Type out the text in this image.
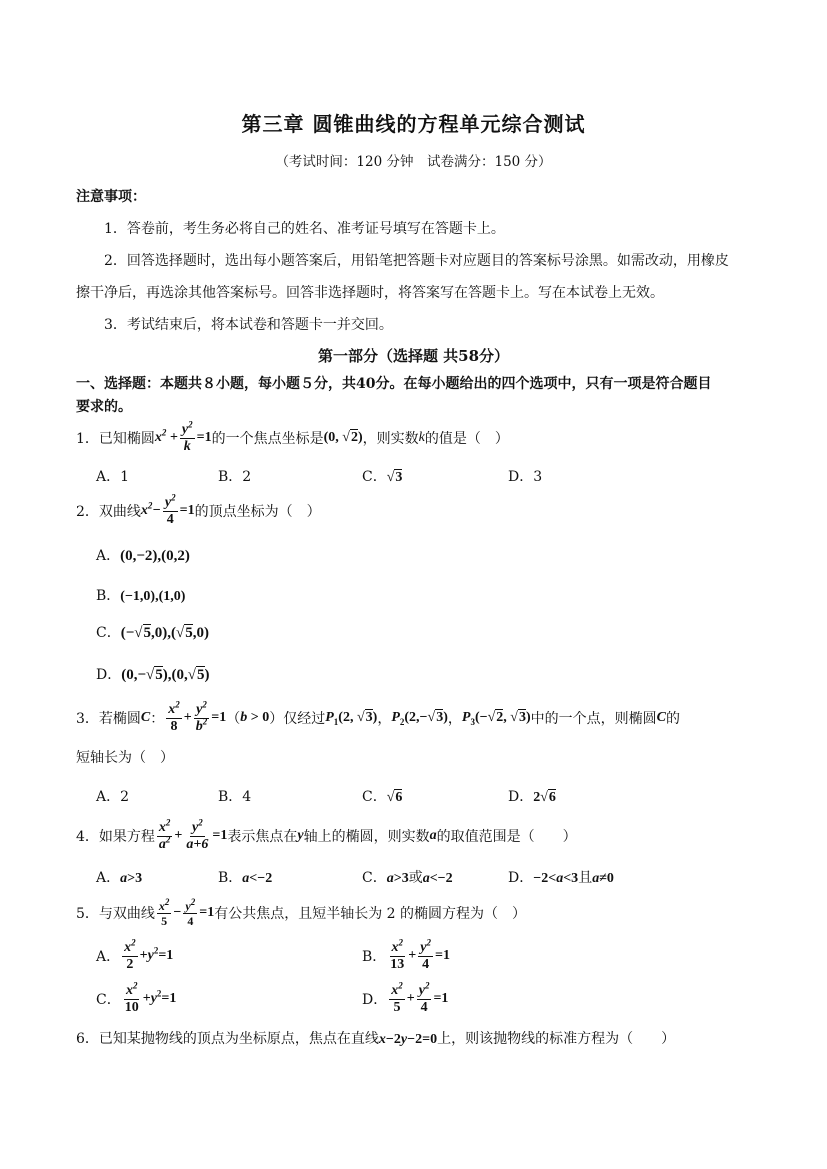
第三章 圆锥曲线的方程单元综合测试
（考试时间：120 分钟　试卷满分：150 分）
注意事项：
1．答卷前，考生务必将自己的姓名、准考证号填写在答题卡上。
2．回答选择题时，选出每小题答案后，用铅笔把答题卡对应题目的答案标号涂黑。如需改动，用橡皮
擦干净后，再选涂其他答案标号。回答非选择题时，将答案写在答题卡上。写在本试卷上无效。
3．考试结束后，将本试卷和答题卡一并交回。
第一部分（选择题 共58分）
一、选择题：本题共８小题，每小题５分，共40分。在每小题给出的四个选项中，只有一项是符合题目
要求的。
1．已知椭圆 $x^2 + \frac{y^2}{k} =1$ 的一个焦点坐标是 (0, √2) ，则实数 k 的值是（　）
A．1	B．2	C．√3	D．3
2．双曲线 $x^2- \frac{y^2}{4} =1$ 的顶点坐标为（　）
A．(0,−2),(0,2)
B．(−1,0),(1,0)
C．(−√5,0),(√5,0)
D．(0,−√5),(0,√5)
3．若椭圆 C ： $\frac{x^2}{8} + \frac{y^2}{b^2} =1$ （ b > 0 ）仅经过 $P_1(2$, √3) ， $P_2(2,-√3)$ ， $P_3(-√2$, √3) 中的一个点，则椭圆 C 的
短轴长为（　）
A．2	B．4	C．√6	D．2√6
4．如果方程 $\frac{x^2}{a^2} + \frac{y^2}{a+6} =1$ 表示焦点在 y 轴上的椭圆，则实数 a 的取值范围是（　　）
A．a>3	B．a<−2	C．a>3或a<−2	D．−2<a<3且a≠0
5．与双曲线 $\frac{x^2}{5} - \frac{y^2}{4} =1$ 有公共焦点，且短半轴长为 2 的椭圆方程为（　）
A． $\frac{x^2}{2} +y^2=1$	B． $\frac{x^2}{13} + \frac{y^2}{4} =1$
C． $\frac{x^2}{10} +y^2=1$	D． $\frac{x^2}{5} + \frac{y^2}{4} =1$
6．已知某抛物线的顶点为坐标原点，焦点在直线x−2y−2=0上，则该抛物线的标准方程为（　　）
